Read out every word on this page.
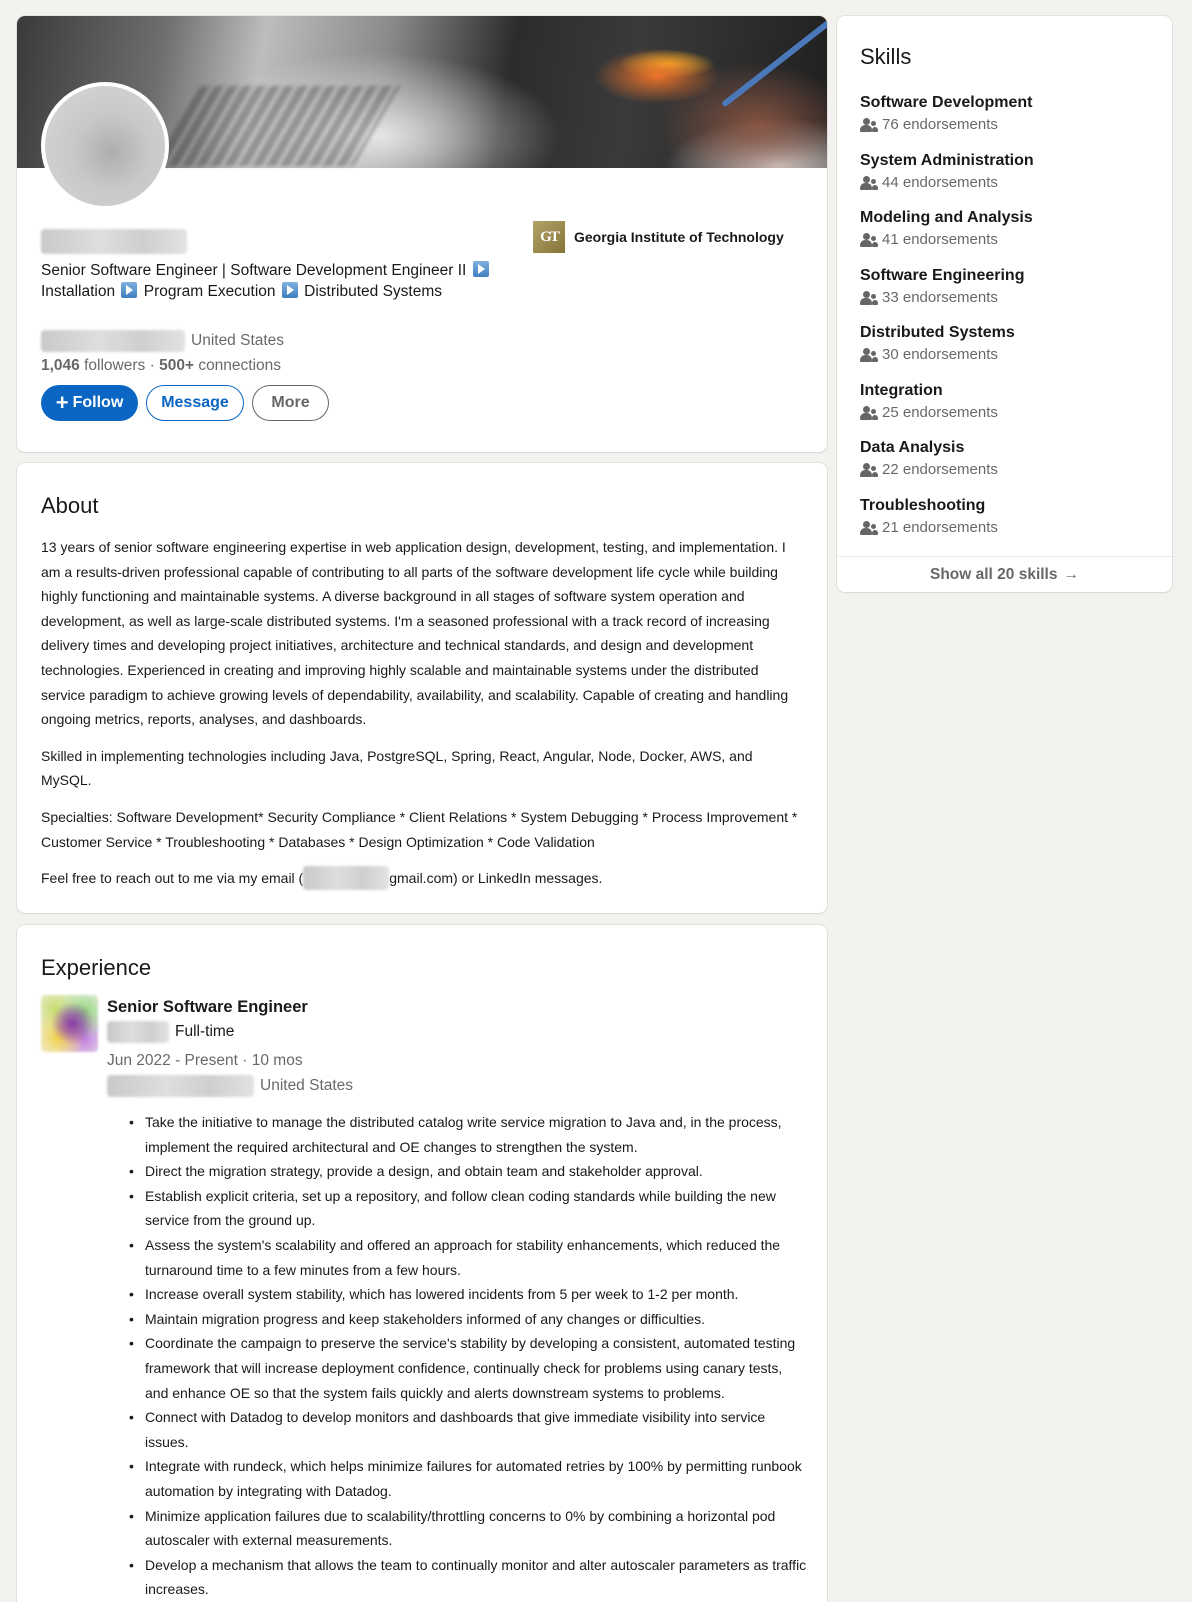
Senior Software Engineer | Software Development Engineer II
Installation Program Execution Distributed Systems
GT	Georgia Institute of Technology
United States
1,046 followers · 500+ connections
+ Follow	Message	More
Skills
Software Development
76 endorsements
System Administration
44 endorsements
Modeling and Analysis
41 endorsements
Software Engineering
33 endorsements
Distributed Systems
30 endorsements
Integration
25 endorsements
Data Analysis
22 endorsements
Troubleshooting
21 endorsements
Show all 20 skills →
About

13 years of senior software engineering expertise in web application design, development, testing, and implementation. I am a results-driven professional capable of contributing to all parts of the software development life cycle while building highly functioning and maintainable systems. A diverse background in all stages of software system operation and development, as well as large-scale distributed systems. I'm a seasoned professional with a track record of increasing delivery times and developing project initiatives, architecture and technical standards, and design and development technologies. Experienced in creating and improving highly scalable and maintainable systems under the distributed service paradigm to achieve growing levels of dependability, availability, and scalability. Capable of creating and handling ongoing metrics, reports, analyses, and dashboards.

Skilled in implementing technologies including Java, PostgreSQL, Spring, React, Angular, Node, Docker, AWS, and MySQL.

Specialties: Software Development* Security Compliance * Client Relations * System Debugging * Process Improvement * Customer Service * Troubleshooting * Databases * Design Optimization * Code Validation

Feel free to reach out to me via my email (	gmail.com) or LinkedIn messages.

Experience
Senior Software Engineer
Full-time
Jun 2022 - Present · 10 mos
United States
• Take the initiative to manage the distributed catalog write service migration to Java and, in the process, implement the required architectural and OE changes to strengthen the system.
• Direct the migration strategy, provide a design, and obtain team and stakeholder approval.
• Establish explicit criteria, set up a repository, and follow clean coding standards while building the new service from the ground up.
• Assess the system's scalability and offered an approach for stability enhancements, which reduced the turnaround time to a few minutes from a few hours.
• Increase overall system stability, which has lowered incidents from 5 per week to 1-2 per month.
• Maintain migration progress and keep stakeholders informed of any changes or difficulties.
• Coordinate the campaign to preserve the service's stability by developing a consistent, automated testing framework that will increase deployment confidence, continually check for problems using canary tests, and enhance OE so that the system fails quickly and alerts downstream systems to problems.
• Connect with Datadog to develop monitors and dashboards that give immediate visibility into service issues.
• Integrate with rundeck, which helps minimize failures for automated retries by 100% by permitting runbook automation by integrating with Datadog.
• Minimize application failures due to scalability/throttling concerns to 0% by combining a horizontal pod autoscaler with external measurements.
• Develop a mechanism that allows the team to continually monitor and alter autoscaler parameters as traffic increases.
